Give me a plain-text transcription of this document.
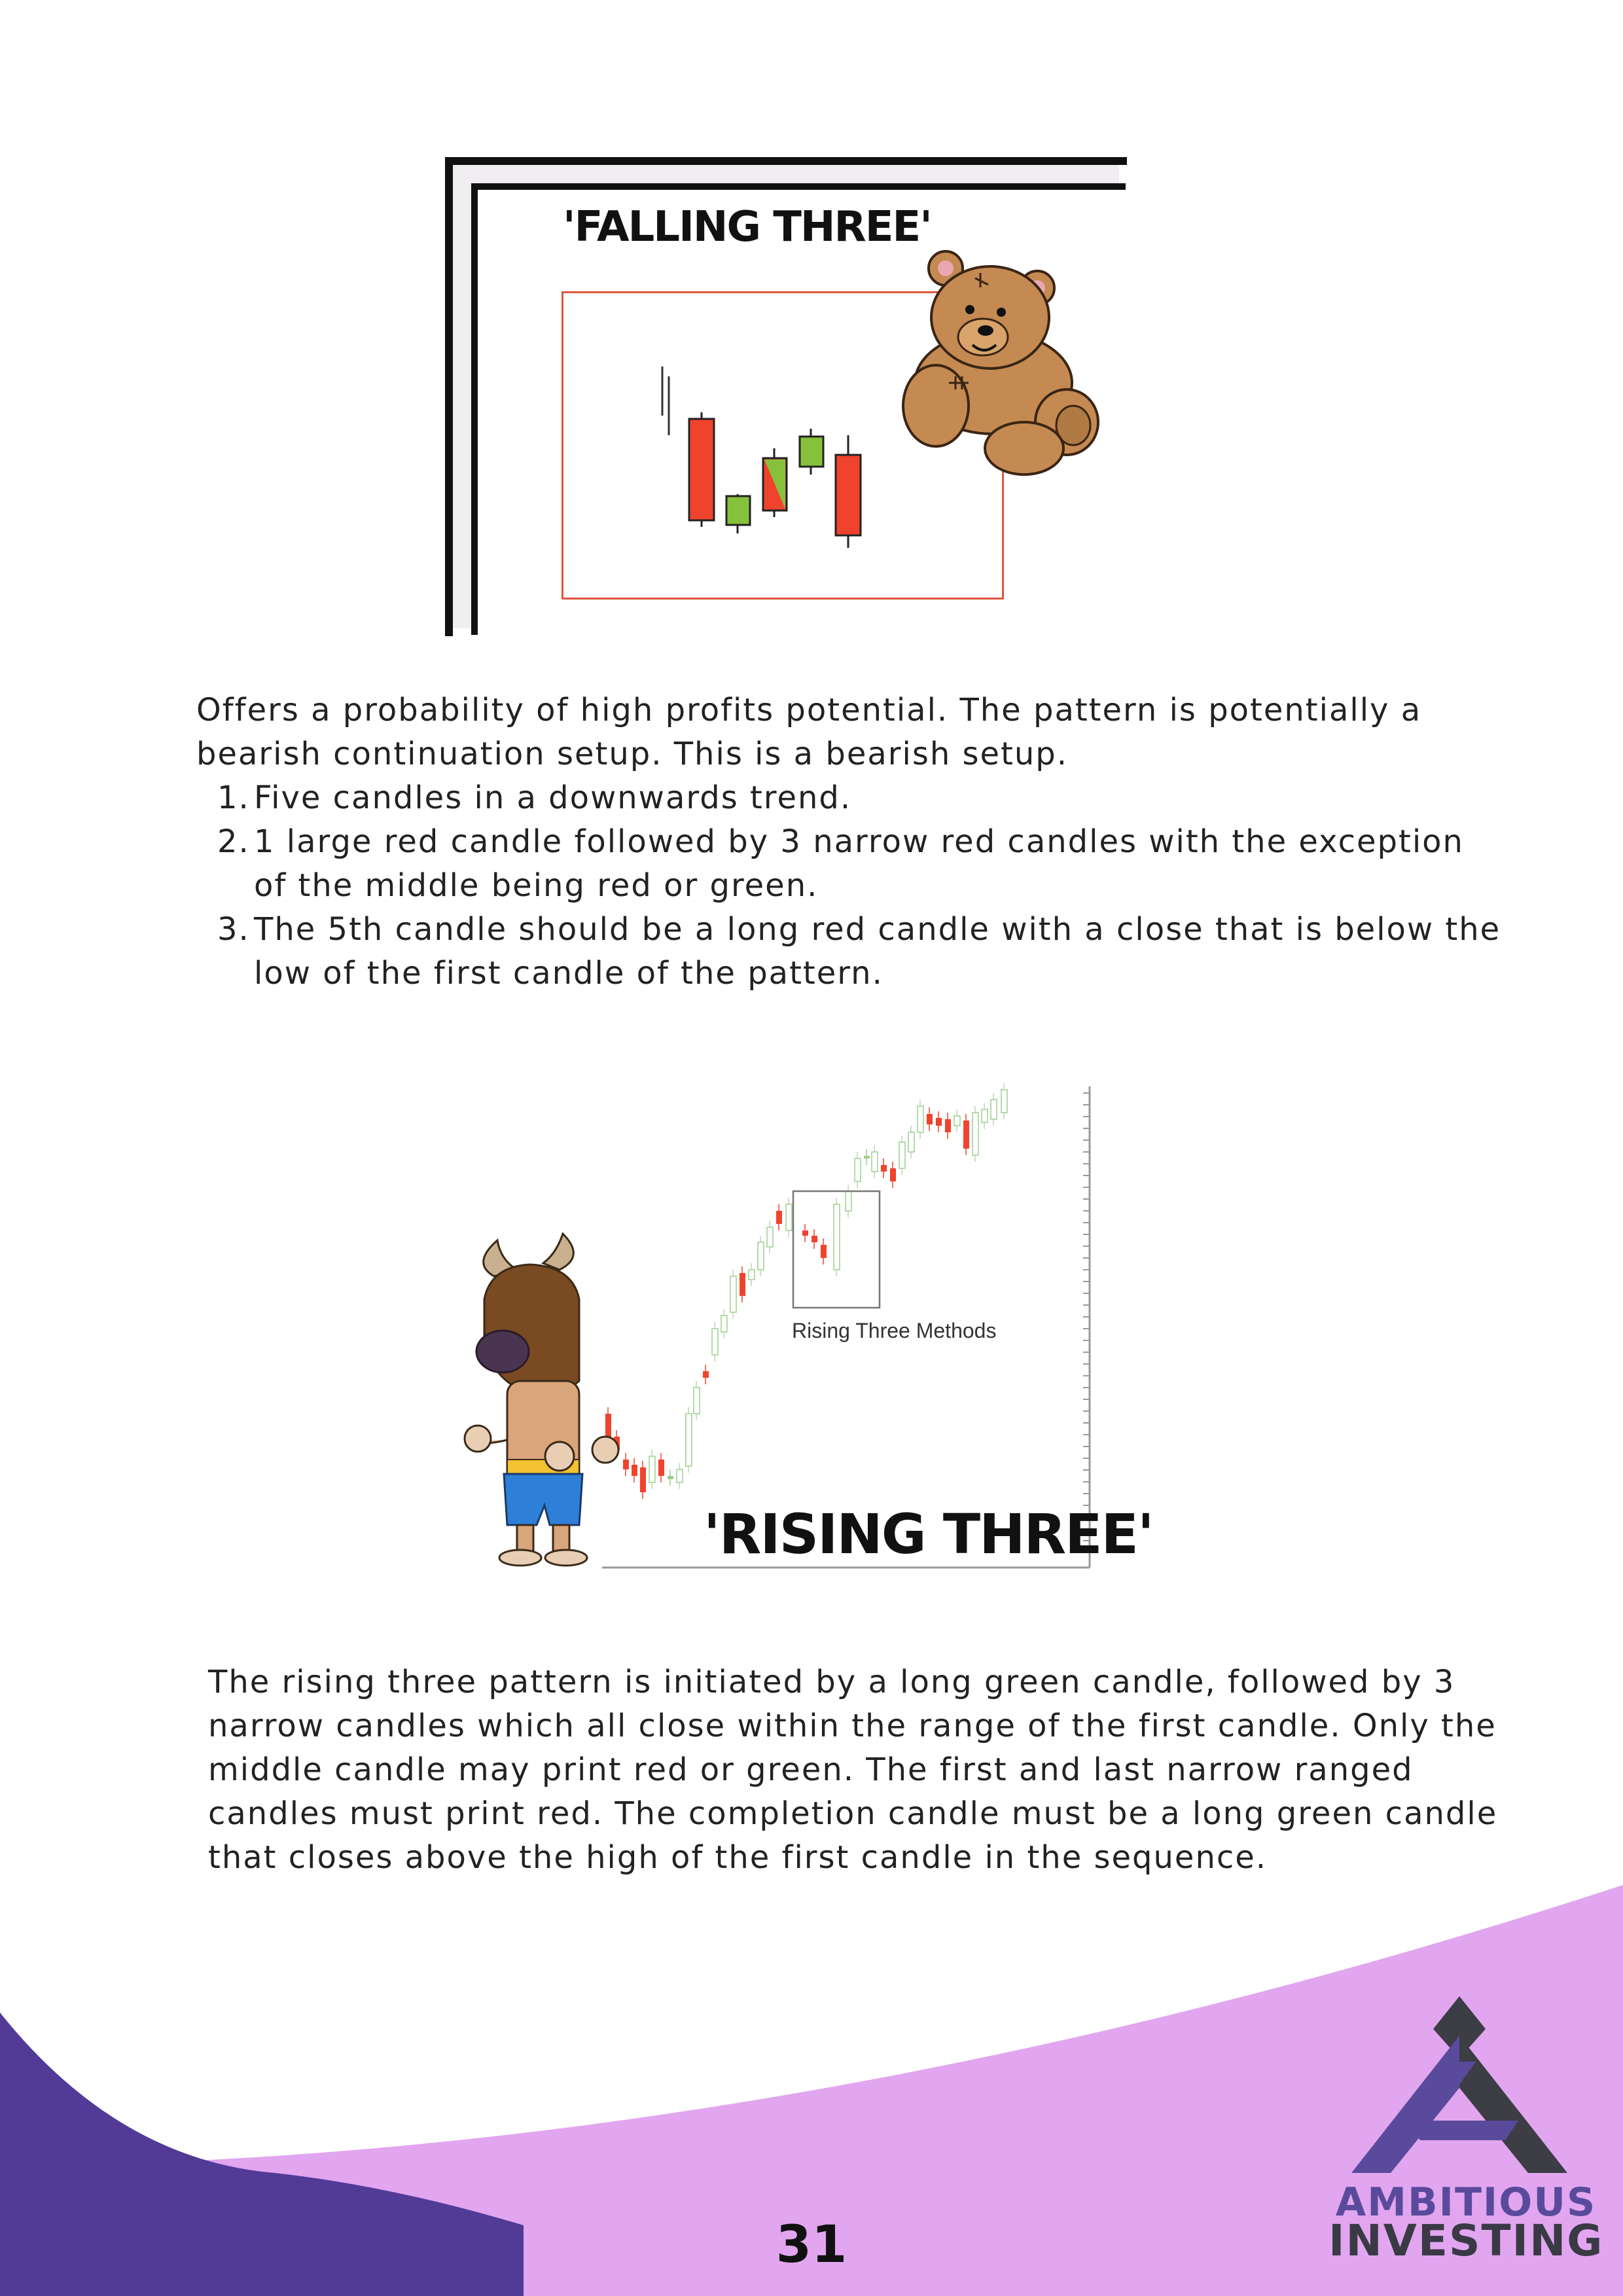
'FALLING THREE'
Offers a probability of high profits potential. The pattern is potentially a bearish continuation setup. This is a bearish setup.
1. Five candles in a downwards trend.
2. 1 large red candle followed by 3 narrow red candles with the exception of the middle being red or green.
3. The 5th candle should be a long red candle with a close that is below the low of the first candle of the pattern.
Rising Three Methods
'RISING THREE'
The rising three pattern is initiated by a long green candle, followed by 3 narrow candles which all close within the range of the first candle. Only the middle candle may print red or green. The first and last narrow ranged candles must print red. The completion candle must be a long green candle that closes above the high of the first candle in the sequence.
31
AMBITIOUS
INVESTING
